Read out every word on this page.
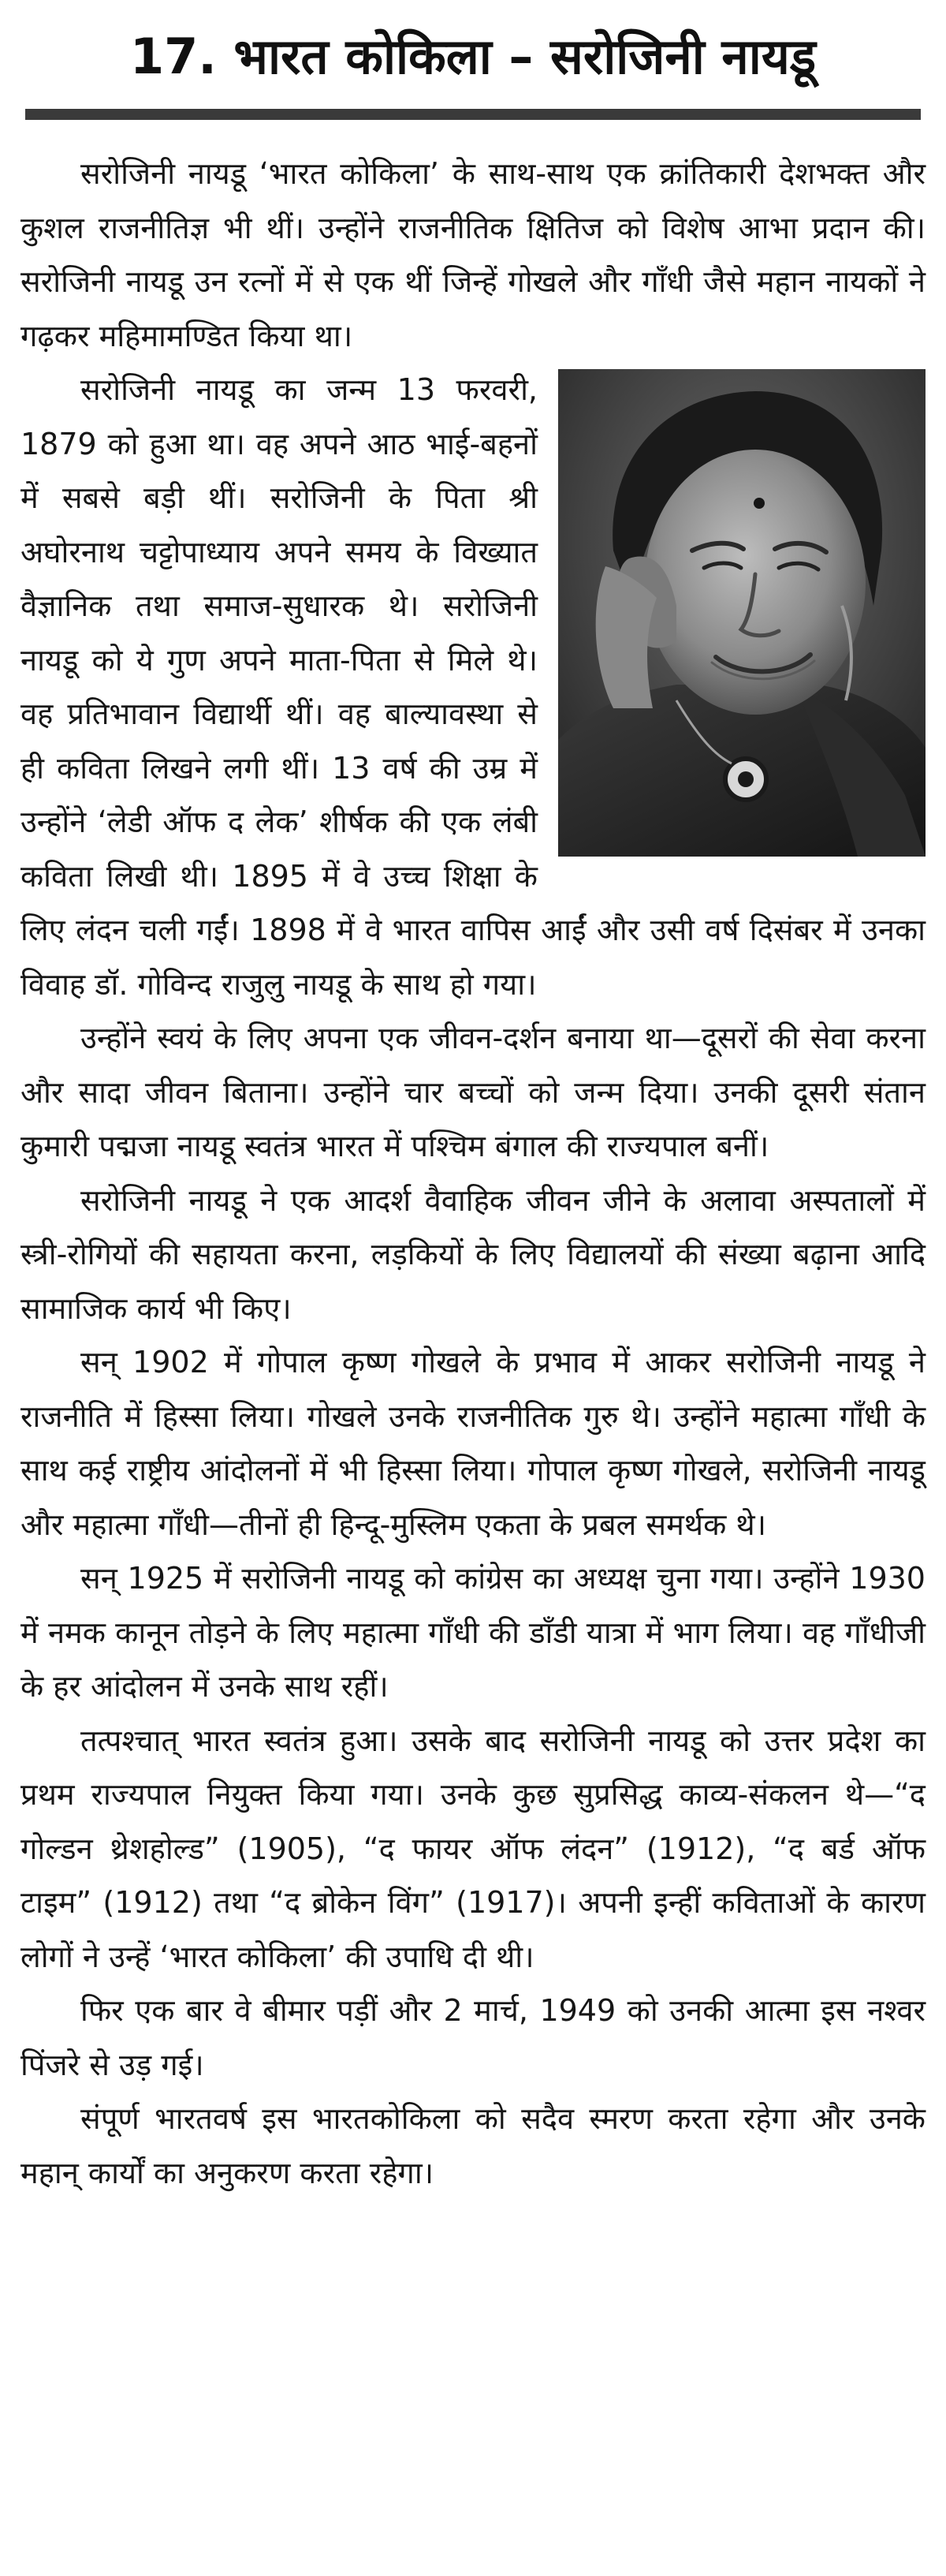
17. भारत कोकिला – सरोजिनी नायडू

सरोजिनी नायडू ‘भारत कोकिला’ के साथ-साथ एक क्रांतिकारी देशभक्त और कुशल राजनीतिज्ञ भी थीं। उन्होंने राजनीतिक क्षितिज को विशेष आभा प्रदान की। सरोजिनी नायडू उन रत्नों में से एक थीं जिन्हें गोखले और गाँधी जैसे महान नायकों ने गढ़कर महिमामण्डित किया था।

सरोजिनी नायडू का जन्म 13 फरवरी, 1879 को हुआ था। वह अपने आठ भाई-बहनों में सबसे बड़ी थीं। सरोजिनी के पिता श्री अघोरनाथ चट्टोपाध्याय अपने समय के विख्यात वैज्ञानिक तथा समाज-सुधारक थे। सरोजिनी नायडू को ये गुण अपने माता-पिता से मिले थे। वह प्रतिभावान विद्यार्थी थीं। वह बाल्यावस्था से ही कविता लिखने लगी थीं। 13 वर्ष की उम्र में उन्होंने ‘लेडी ऑफ द लेक’ शीर्षक की एक लंबी कविता लिखी थी। 1895 में वे उच्च शिक्षा के लिए लंदन चली गईं। 1898 में वे भारत वापिस आईं और उसी वर्ष दिसंबर में उनका विवाह डॉ. गोविन्द राजुलु नायडू के साथ हो गया।

उन्होंने स्वयं के लिए अपना एक जीवन-दर्शन बनाया था—दूसरों की सेवा करना और सादा जीवन बिताना। उन्होंने चार बच्चों को जन्म दिया। उनकी दूसरी संतान कुमारी पद्मजा नायडू स्वतंत्र भारत में पश्चिम बंगाल की राज्यपाल बनीं।

सरोजिनी नायडू ने एक आदर्श वैवाहिक जीवन जीने के अलावा अस्पतालों में स्त्री-रोगियों की सहायता करना, लड़कियों के लिए विद्यालयों की संख्या बढ़ाना आदि सामाजिक कार्य भी किए।

सन् 1902 में गोपाल कृष्ण गोखले के प्रभाव में आकर सरोजिनी नायडू ने राजनीति में हिस्सा लिया। गोखले उनके राजनीतिक गुरु थे। उन्होंने महात्मा गाँधी के साथ कई राष्ट्रीय आंदोलनों में भी हिस्सा लिया। गोपाल कृष्ण गोखले, सरोजिनी नायडू और महात्मा गाँधी—तीनों ही हिन्दू-मुस्लिम एकता के प्रबल समर्थक थे।

सन् 1925 में सरोजिनी नायडू को कांग्रेस का अध्यक्ष चुना गया। उन्होंने 1930 में नमक कानून तोड़ने के लिए महात्मा गाँधी की डाँडी यात्रा में भाग लिया। वह गाँधीजी के हर आंदोलन में उनके साथ रहीं।

तत्पश्चात् भारत स्वतंत्र हुआ। उसके बाद सरोजिनी नायडू को उत्तर प्रदेश का प्रथम राज्यपाल नियुक्त किया गया। उनके कुछ सुप्रसिद्ध काव्य-संकलन थे—“द गोल्डन थ्रेशहोल्ड” (1905), “द फायर ऑफ लंदन” (1912), “द बर्ड ऑफ टाइम” (1912) तथा “द ब्रोकेन विंग” (1917)। अपनी इन्हीं कविताओं के कारण लोगों ने उन्हें ‘भारत कोकिला’ की उपाधि दी थी।

फिर एक बार वे बीमार पड़ीं और 2 मार्च, 1949 को उनकी आत्मा इस नश्वर पिंजरे से उड़ गई।

संपूर्ण भारतवर्ष इस भारतकोकिला को सदैव स्मरण करता रहेगा और उनके महान् कार्यों का अनुकरण करता रहेगा।
